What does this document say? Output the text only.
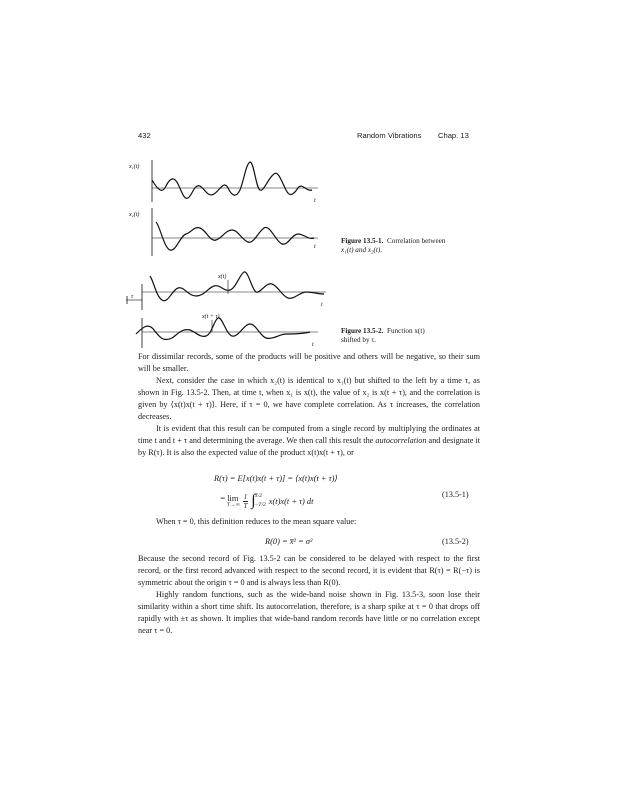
432	Random Vibrations Chap. 13
x₁(t)
t
x₂(t)
t
Figure 13.5-1. Correlation between
x₁(t) and x₂(t).
x(t)
t
τ
x(t + τ)
t
Figure 13.5-2. Function x(t)
shifted by τ.

For dissimilar records, some of the products will be positive and others will be negative, so their sum will be smaller.

Next, consider the case in which x₂(t) is identical to x₁(t) but shifted to the left by a time τ, as shown in Fig. 13.5-2. Then, at time t, when x₁ is x(t), the value of x₂ is x(t + τ), and the correlation is given by ⟨x(t)x(t + τ)⟩. Here, if τ = 0, we have complete correlation. As τ increases, the correlation decreases.

It is evident that this result can be computed from a single record by multiplying the ordinates at time t and t + τ and determining the average. We then call this result the autocorrelation and designate it by R(τ). It is also the expected value of the product x(t)x(t + τ), or

R(τ) = E[x(t)x(t + τ)] = ⟨x(t)x(t + τ)⟩
= lim
$T\to\infty \frac{1}{T}$ ∫ T/2
−T/2 x(t)x(t + τ) dt
(13.5-1)

When τ = 0, this definition reduces to the mean square value:

R(0) = x̅² = σ²	(13.5-2)

Because the second record of Fig. 13.5-2 can be considered to be delayed with respect to the first record, or the first record advanced with respect to the second record, it is evident that R(τ) = R(−τ) is symmetric about the origin τ = 0 and is always less than R(0).

Highly random functions, such as the wide-band noise shown in Fig. 13.5-3, soon lose their similarity within a short time shift. Its autocorrelation, therefore, is a sharp spike at τ = 0 that drops off rapidly with ±τ as shown. It implies that wide-band random records have little or no correlation except near τ = 0.
